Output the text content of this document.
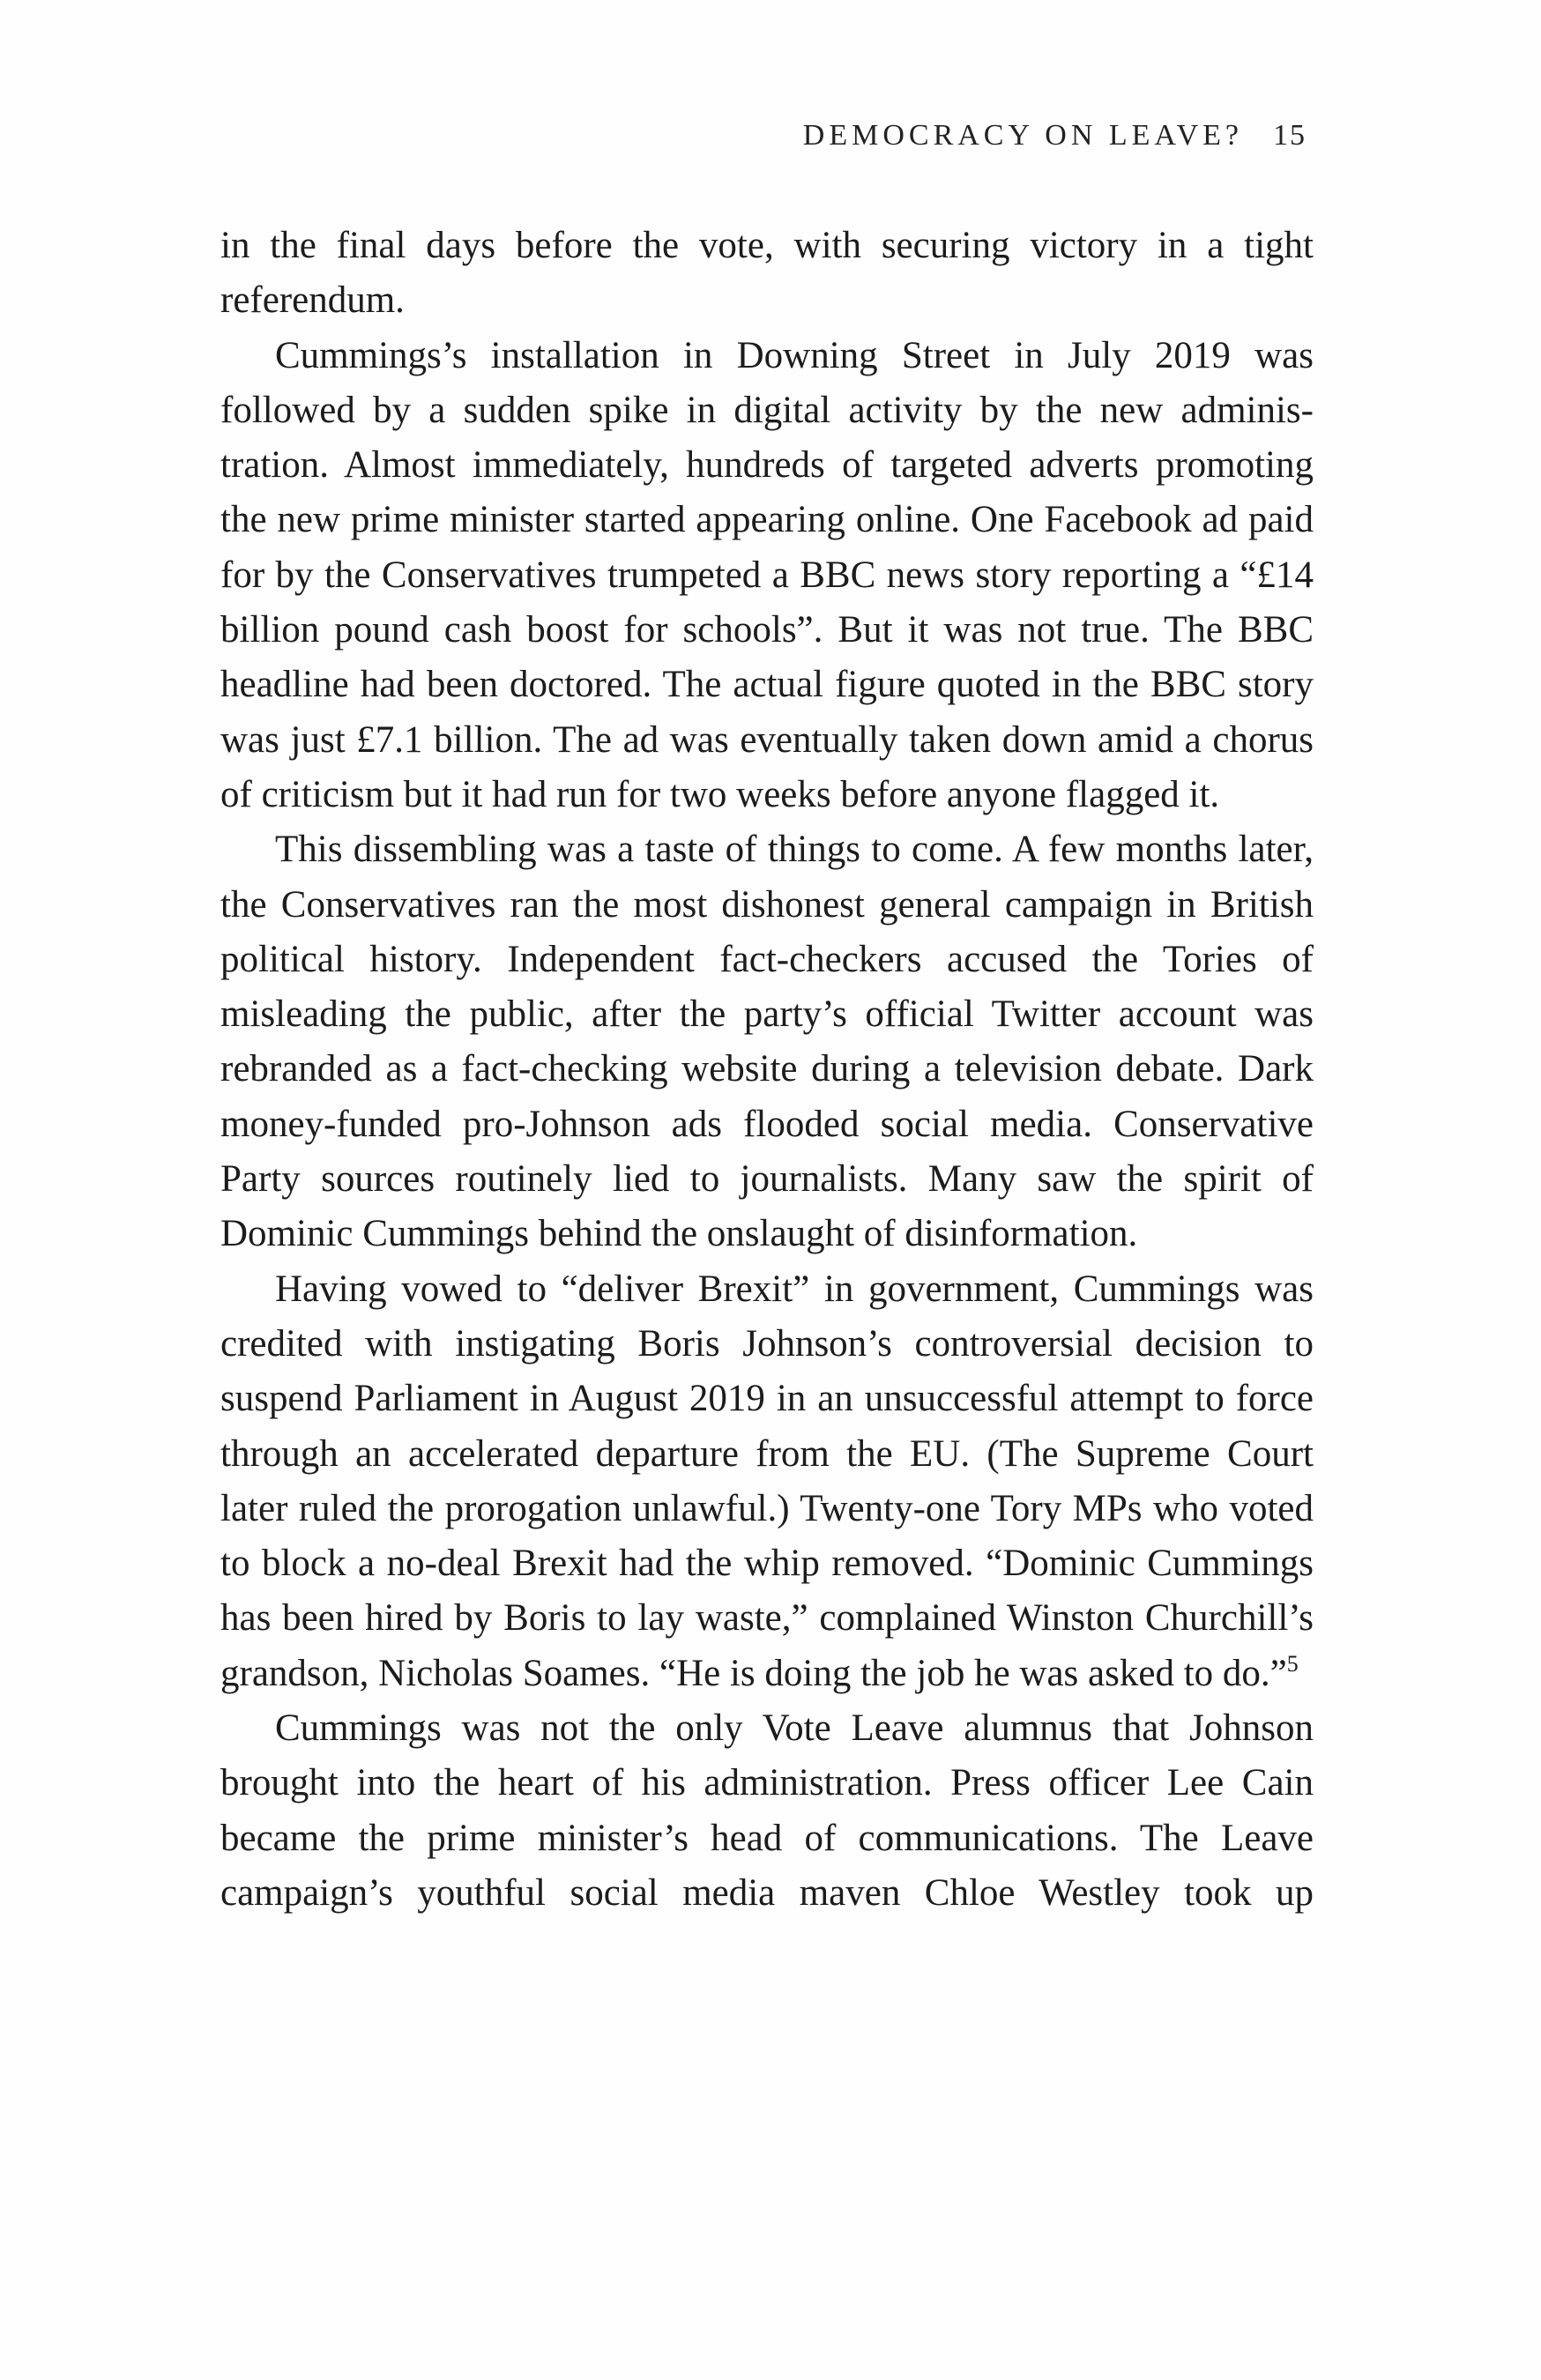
DEMOCRACY ON LEAVE? 15

in the final days before the vote, with securing victory in a tight referendum.

Cummings’s installation in Downing Street in July 2019 was followed by a sudden spike in digital activity by the new administration. Almost immediately, hundreds of targeted adverts promoting the new prime minister started appearing online. One Facebook ad paid for by the Conservatives trumpeted a BBC news story reporting a “£14 billion pound cash boost for schools”. But it was not true. The BBC headline had been doctored. The actual figure quoted in the BBC story was just £7.1 billion. The ad was eventually taken down amid a chorus of criticism but it had run for two weeks before anyone flagged it.

This dissembling was a taste of things to come. A few months later, the Conservatives ran the most dishonest general campaign in British political history. Independent fact-checkers accused the Tories of misleading the public, after the party’s official Twitter account was rebranded as a fact-checking website during a television debate. Dark money-funded pro-Johnson ads flooded social media. Conservative Party sources routinely lied to journalists. Many saw the spirit of Dominic Cummings behind the onslaught of disinformation.

Having vowed to “deliver Brexit” in government, Cummings was credited with instigating Boris Johnson’s controversial decision to suspend Parliament in August 2019 in an unsuccessful attempt to force through an accelerated departure from the EU. (The Supreme Court later ruled the prorogation unlawful.) Twenty-one Tory MPs who voted to block a no-deal Brexit had the whip removed. “Dominic Cummings has been hired by Boris to lay waste,” complained Winston Churchill’s grandson, Nicholas Soames. “He is doing the job he was asked to do.”$^5$

Cummings was not the only Vote Leave alumnus that Johnson brought into the heart of his administration. Press officer Lee Cain became the prime minister’s head of communications. The Leave campaign’s youthful social media maven Chloe Westley took up
